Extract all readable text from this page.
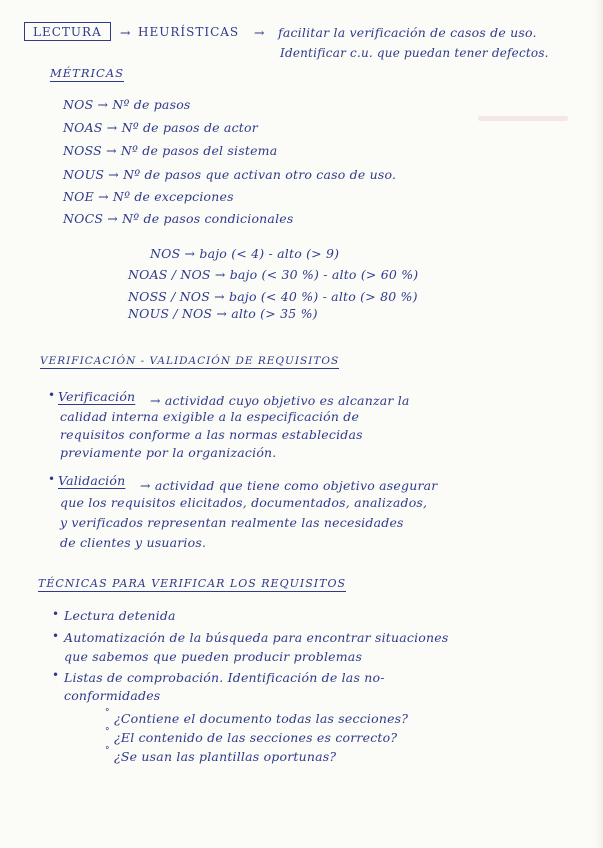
LECTURA	→ HEURÍSTICAS → facilitar la verificación de casos de uso.
Identificar c.u. que puedan tener defectos.
MÉTRICAS
NOS → Nº de pasos
NOAS → Nº de pasos de actor
NOSS → Nº de pasos del sistema
NOUS → Nº de pasos que activan otro caso de uso.
NOE → Nº de excepciones
NOCS → Nº de pasos condicionales
NOS → bajo (< 4) - alto (> 9)
NOAS / NOS → bajo (< 30 %) - alto (> 60 %)
NOSS / NOS → bajo (< 40 %) - alto (> 80 %)
NOUS / NOS → alto (> 35 %)
VERIFICACIÓN - VALIDACIÓN DE REQUISITOS
• Verificación → actividad cuyo objetivo es alcanzar la
calidad interna exigible a la especificación de
requisitos conforme a las normas establecidas
previamente por la organización.
• Validación → actividad que tiene como objetivo asegurar
que los requisitos elicitados, documentados, analizados,
y verificados representan realmente las necesidades
de clientes y usuarios.
TÉCNICAS PARA VERIFICAR LOS REQUISITOS
• Lectura detenida
• Automatización de la búsqueda para encontrar situaciones
que sabemos que pueden producir problemas
• Listas de comprobación. Identificación de las no-
conformidades
° ¿Contiene el documento todas las secciones?
° ¿El contenido de las secciones es correcto?
° ¿Se usan las plantillas oportunas?
